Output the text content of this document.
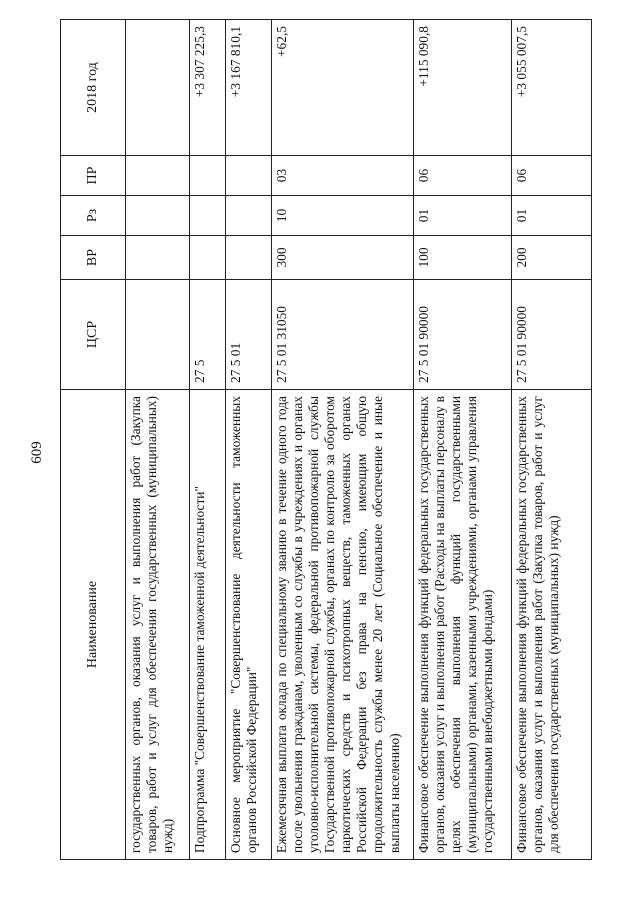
609
Наименование	ЦСР	ВР	Рз	ПР	2018 год
государственных органов, оказания услуг и выполнения работ (Закупка товаров, работ и услуг для обеспечения государственных (муниципальных) нужд)					
Подпрограмма "Совершенствование таможенной деятельности"	27 5				+3 307 225,3
Основное мероприятие "Совершенствование деятельности таможенных органов Российской Федерации"	27 5 01				+3 167 810,1
Ежемесячная выплата оклада по специальному званию в течение одного года после увольнения гражданам, уволенным со службы в учреждениях и органах уголовно-исполнительной системы, федеральной противопожарной службы Государственной противопожарной службы, органах по контролю за оборотом наркотических средств и психотропных веществ, таможенных органах Российской Федерации без права на пенсию, имеющим общую продолжительность службы менее 20 лет (Социальное обеспечение и иные выплаты населению)	27 5 01 31050	300	10	03	+62,5
Финансовое обеспечение выполнения функций федеральных государственных органов, оказания услуг и выполнения работ (Расходы на выплаты персоналу в целях обеспечения выполнения функций государственными (муниципальными) органами, казенными учреждениями, органами управления государственными внебюджетными фондами)	27 5 01 90000	100	01	06	+115 090,8
Финансовое обеспечение выполнения функций федеральных государственных органов, оказания услуг и выполнения работ (Закупка товаров, работ и услуг для обеспечения государственных (муниципальных) нужд)	27 5 01 90000	200	01	06	+3 055 007,5
